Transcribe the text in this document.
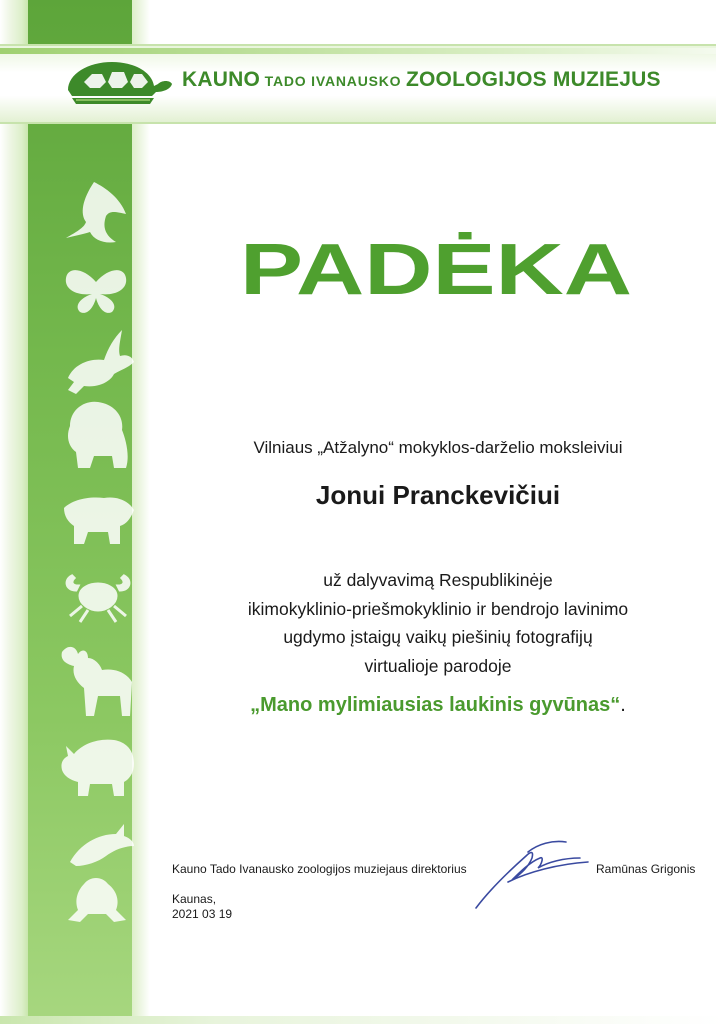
KAUNO TADO IVANAUSKO ZOOLOGIJOS MUZIEJUS
PADĖKA
Vilniaus „Atžalyno“ mokyklos-darželio moksleiviui
Jonui Pranckevičiui
už dalyvavimą Respublikinėje
ikimokyklinio-priešmokyklinio ir bendrojo lavinimo
ugdymo įstaigų vaikų piešinių fotografijų
virtualioje parodoje
„Mano mylimiausias laukinis gyvūnas“.
Kauno Tado Ivanausko zoologijos muziejaus direktorius	Ramūnas Grigonis
Kaunas,
2021 03 19
